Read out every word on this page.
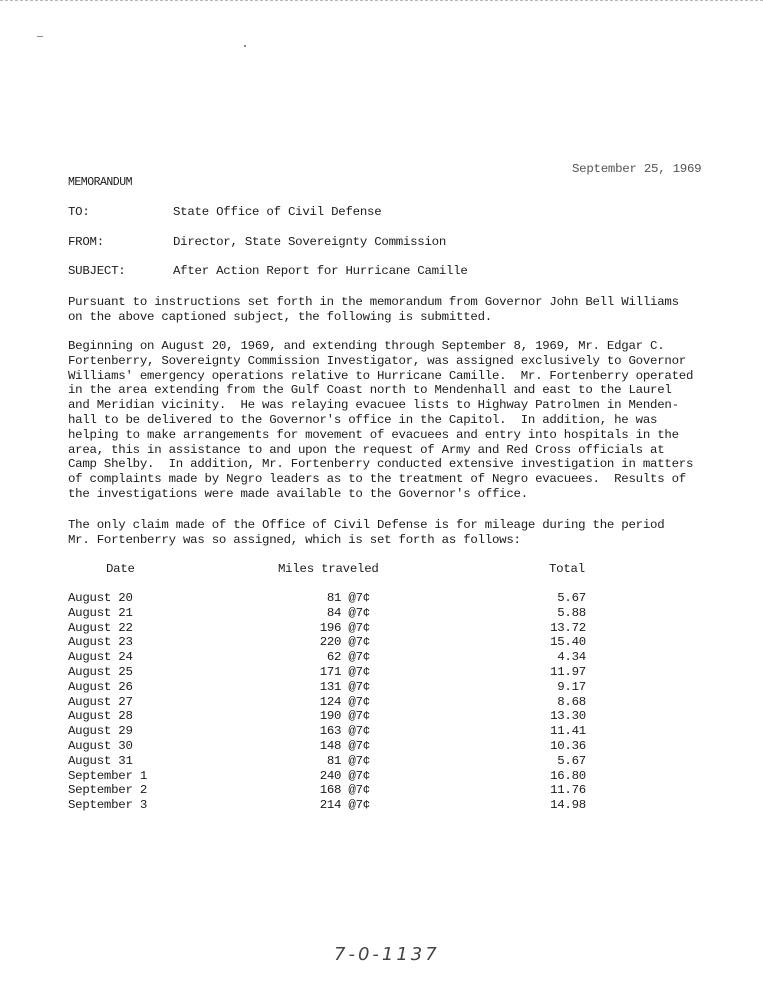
September 25, 1969
MEMORANDUM
TO:	State Office of Civil Defense
FROM:	Director, State Sovereignty Commission
SUBJECT:	After Action Report for Hurricane Camille

Pursuant to instructions set forth in the memorandum from Governor John Bell Williams

on the above captioned subject, the following is submitted.

Beginning on August 20, 1969, and extending through September 8, 1969, Mr. Edgar C.

Fortenberry, Sovereignty Commission Investigator, was assigned exclusively to Governor

Williams' emergency operations relative to Hurricane Camille.  Mr. Fortenberry operated

in the area extending from the Gulf Coast north to Mendenhall and east to the Laurel

and Meridian vicinity.  He was relaying evacuee lists to Highway Patrolmen in Menden-

hall to be delivered to the Governor's office in the Capitol.  In addition, he was

helping to make arrangements for movement of evacuees and entry into hospitals in the

area, this in assistance to and upon the request of Army and Red Cross officials at

Camp Shelby.  In addition, Mr. Fortenberry conducted extensive investigation in matters

of complaints made by Negro leaders as to the treatment of Negro evacuees.  Results of

the investigations were made available to the Governor's office.

The only claim made of the Office of Civil Defense is for mileage during the period

Mr. Fortenberry was so assigned, which is set forth as follows:

Date	Miles traveled	Total
August 20	81 @7¢	5.67
August 21	84 @7¢	5.88
August 22	196 @7¢	13.72
August 23	220 @7¢	15.40
August 24	62 @7¢	4.34
August 25	171 @7¢	11.97
August 26	131 @7¢	9.17
August 27	124 @7¢	8.68
August 28	190 @7¢	13.30
August 29	163 @7¢	11.41
August 30	148 @7¢	10.36
August 31	81 @7¢	5.67
September 1	240 @7¢	16.80
September 2	168 @7¢	11.76
September 3	214 @7¢	14.98
7-0-1137
